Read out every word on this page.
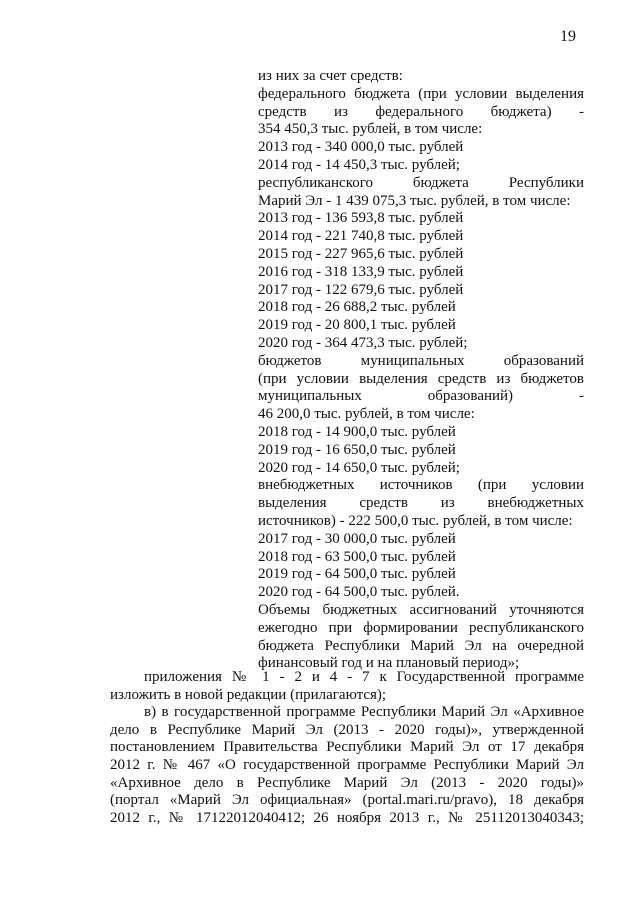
19
из них за счет средств:
федерального бюджета (при условии выделения
средств из федерального бюджета) -
354 450,3 тыс. рублей, в том числе:
2013 год - 340 000,0 тыс. рублей
2014 год - 14 450,3 тыс. рублей;
республиканского бюджета Республики
Марий Эл - 1 439 075,3 тыс. рублей, в том числе:
2013 год - 136 593,8 тыс. рублей
2014 год - 221 740,8 тыс. рублей
2015 год - 227 965,6 тыс. рублей
2016 год - 318 133,9 тыс. рублей
2017 год - 122 679,6 тыс. рублей
2018 год - 26 688,2 тыс. рублей
2019 год - 20 800,1 тыс. рублей
2020 год - 364 473,3 тыс. рублей;
бюджетов муниципальных образований
(при условии выделения средств из бюджетов
муниципальных образований) -
46 200,0 тыс. рублей, в том числе:
2018 год - 14 900,0 тыс. рублей
2019 год - 16 650,0 тыс. рублей
2020 год - 14 650,0 тыс. рублей;
внебюджетных источников (при условии
выделения средств из внебюджетных
источников) - 222 500,0 тыс. рублей, в том числе:
2017 год - 30 000,0 тыс. рублей
2018 год - 63 500,0 тыс. рублей
2019 год - 64 500,0 тыс. рублей
2020 год - 64 500,0 тыс. рублей.
Объемы бюджетных ассигнований уточняются
ежегодно при формировании республиканского
бюджета Республики Марий Эл на очередной
финансовый год и на плановый период»;
приложения № 1 - 2 и 4 - 7 к Государственной программе
изложить в новой редакции (прилагаются);
в) в государственной программе Республики Марий Эл «Архивное
дело в Республике Марий Эл (2013 - 2020 годы)», утвержденной
постановлением Правительства Республики Марий Эл от 17 декабря
2012 г. № 467 «О государственной программе Республики Марий Эл
«Архивное дело в Республике Марий Эл (2013 - 2020 годы)»
(портал «Марий Эл официальная» (portal.mari.ru/pravo), 18 декабря
2012 г., № 17122012040412; 26 ноября 2013 г., № 25112013040343;
